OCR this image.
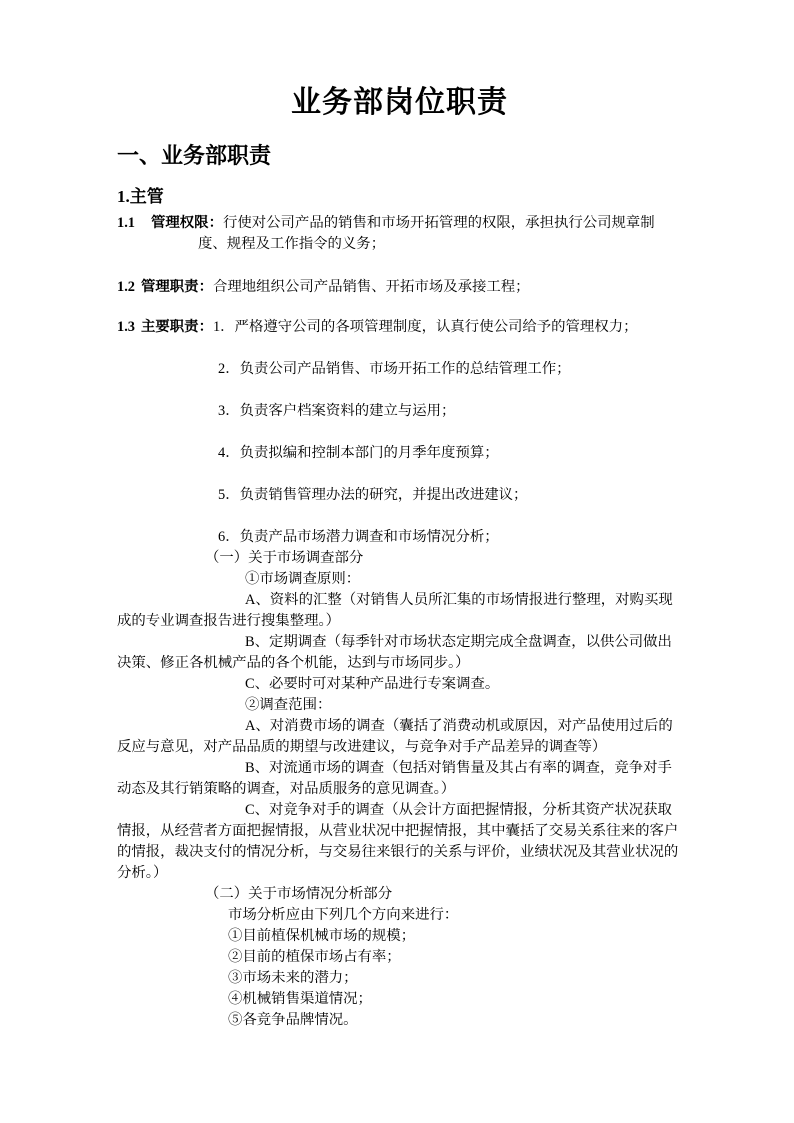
业务部岗位职责
一、业务部职责
1.主管

1.1 管理权限：行使对公司产品的销售和市场开拓管理的权限，承担执行公司规章制度、规程及工作指令的义务；

1.2 管理职责：合理地组织公司产品销售、开拓市场及承接工程；

1.3 主要职责：1．严格遵守公司的各项管理制度，认真行使公司给予的管理权力；

2．负责公司产品销售、市场开拓工作的总结管理工作；

3．负责客户档案资料的建立与运用；

4．负责拟编和控制本部门的月季年度预算；

5．负责销售管理办法的研究，并提出改进建议；

6．负责产品市场潜力调查和市场情况分析；

（一）关于市场调查部分

①市场调查原则：

A、资料的汇整（对销售人员所汇集的市场情报进行整理，对购买现成的专业调查报告进行搜集整理。）

B、定期调查（每季针对市场状态定期完成全盘调查，以供公司做出决策、修正各机械产品的各个机能，达到与市场同步。）

C、必要时可对某种产品进行专案调查。

②调查范围：

A、对消费市场的调查（囊括了消费动机或原因，对产品使用过后的反应与意见，对产品品质的期望与改进建议，与竞争对手产品差异的调查等）

B、对流通市场的调查（包括对销售量及其占有率的调查，竞争对手动态及其行销策略的调查，对品质服务的意见调查。）

C、对竞争对手的调查（从会计方面把握情报，分析其资产状况获取情报，从经营者方面把握情报，从营业状况中把握情报，其中囊括了交易关系往来的客户的情报，裁决支付的情况分析，与交易往来银行的关系与评价，业绩状况及其营业状况的分析。）

（二）关于市场情况分析部分

市场分析应由下列几个方向来进行：

①目前植保机械市场的规模；

②目前的植保市场占有率；

③市场未来的潜力；

④机械销售渠道情况；

⑤各竞争品牌情况。
